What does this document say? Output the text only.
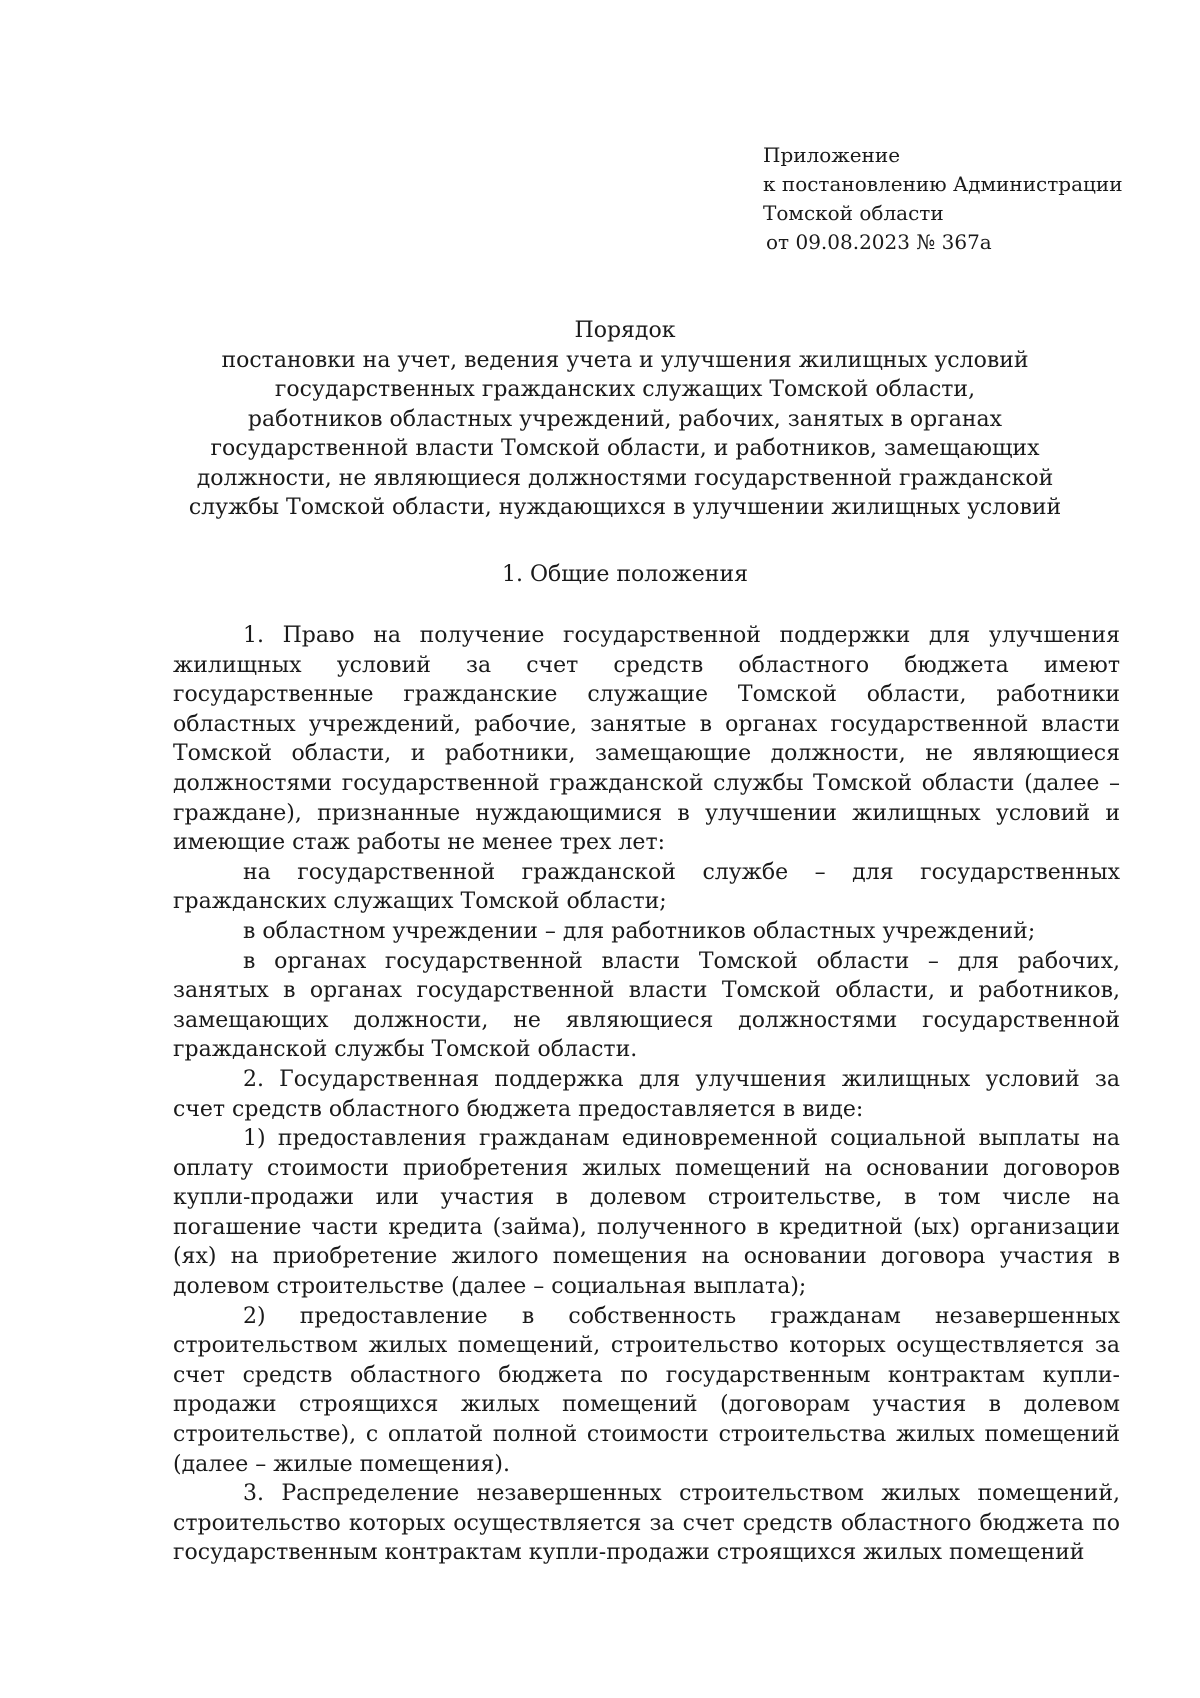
Приложение
к постановлению Администрации
Томской области
от 09.08.2023 № 367а
Порядок
постановки на учет, ведения учета и улучшения жилищных условий
государственных гражданских служащих Томской области,
работников областных учреждений, рабочих, занятых в органах
государственной власти Томской области, и работников, замещающих
должности, не являющиеся должностями государственной гражданской
службы Томской области, нуждающихся в улучшении жилищных условий
1. Общие положения

1. Право на получение государственной поддержки для улучшения жилищных условий за счет средств областного бюджета имеют государственные гражданские служащие Томской области, работники областных учреждений, рабочие, занятые в органах государственной власти Томской области, и работники, замещающие должности, не являющиеся должностями государственной гражданской службы Томской области (далее – граждане), признанные нуждающимися в улучшении жилищных условий и имеющие стаж работы не менее трех лет:

на государственной гражданской службе – для государственных гражданских служащих Томской области;

в областном учреждении – для работников областных учреждений;

в органах государственной власти Томской области – для рабочих, занятых в органах государственной власти Томской области, и работников, замещающих должности, не являющиеся должностями государственной гражданской службы Томской области.

2. Государственная поддержка для улучшения жилищных условий за счет средств областного бюджета предоставляется в виде:

1) предоставления гражданам единовременной социальной выплаты на оплату стоимости приобретения жилых помещений на основании договоров купли-продажи или участия в долевом строительстве, в том числе на погашение части кредита (займа), полученного в кредитной (ых) организации (ях) на приобретение жилого помещения на основании договора участия в долевом строительстве (далее – социальная выплата);

2) предоставление в собственность гражданам незавершенных строительством жилых помещений, строительство которых осуществляется за счет средств областного бюджета по государственным контрактам купли-продажи строящихся жилых помещений (договорам участия в долевом строительстве), с оплатой полной стоимости строительства жилых помещений (далее – жилые помещения).

3. Распределение незавершенных строительством жилых помещений, строительство которых осуществляется за счет средств областного бюджета по государственным контрактам купли-продажи строящихся жилых помещений
